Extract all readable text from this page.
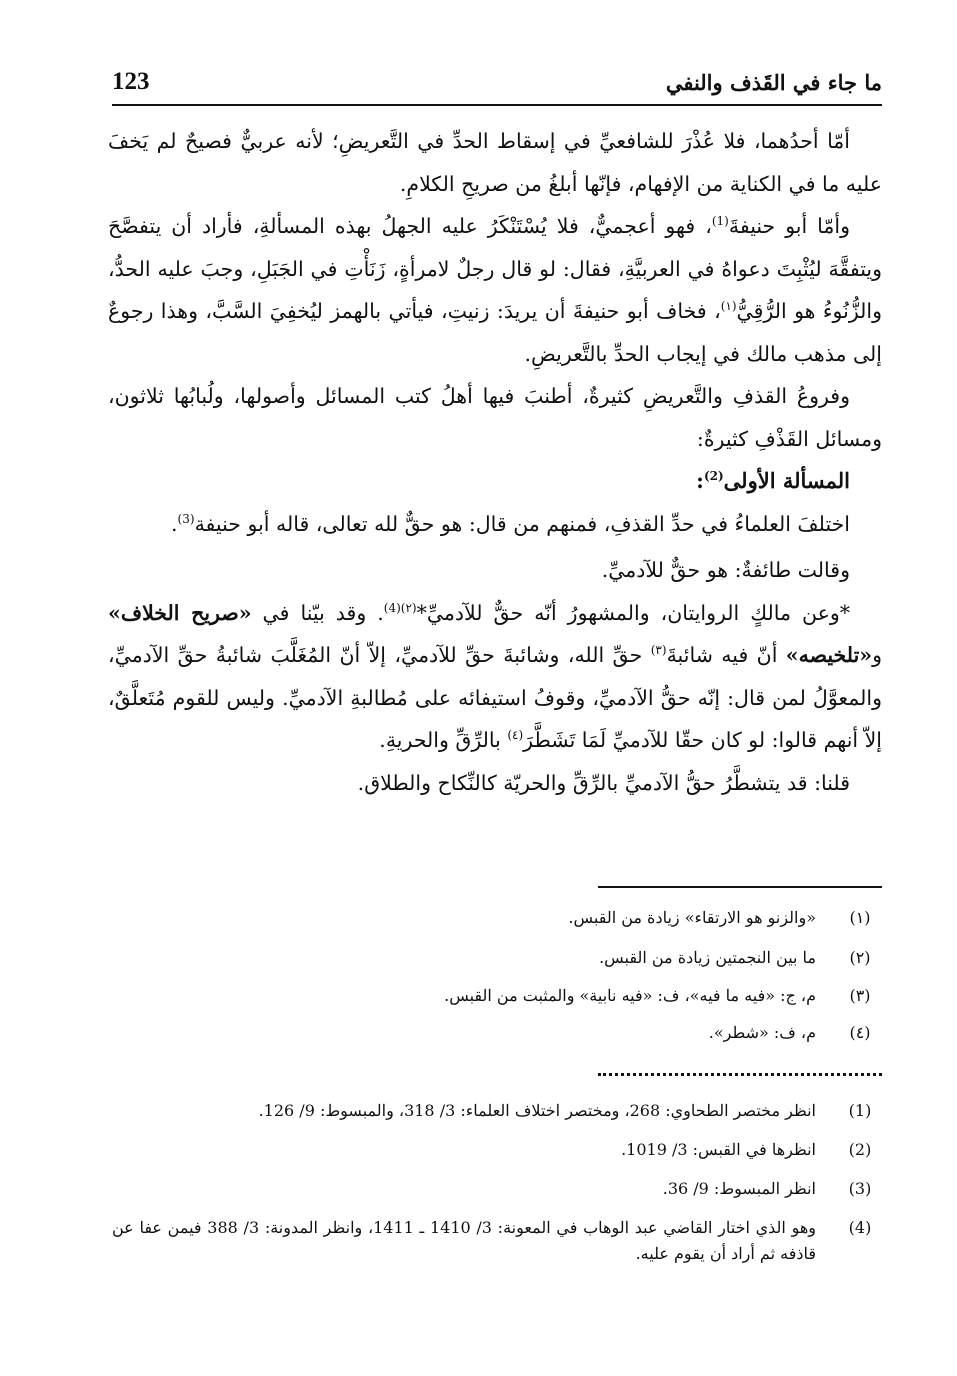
ما جاء في القَذف والنفي
123

أمّا أحدُهما، فلا عُذْرَ للشافعيِّ في إسقاط الحدِّ في التَّعريضِ؛ لأنه عربيٌّ فصيحٌ لم يَخفَ عليه ما في الكناية من الإفهام، فإنّها أبلغُ من صريحِ الكلامِ.

وأمّا أبو حنيفةَ$^{(1)}$، فهو أعجميٌّ، فلا يُسْتَنْكَرُ عليه الجهلُ بهذه المسألةِ، فأراد أن يتفصَّحَ ويتفقَّهَ ليُثْبِتَ دعواهُ في العربيَّةِ، فقال: لو قال رجلٌ لامرأةٍ، زَنَأْتِ في الجَبَلِ، وجبَ عليه الحدُّ، والزُّنُوءُ هو الرُّقِيُّ$^{(١)}$، فخاف أبو حنيفةَ أن يريدَ: زنيتِ، فيأتي بالهمز ليُخفِيَ السَّبَّ، وهذا رجوعٌ إلى مذهب مالك في إيجاب الحدِّ بالتَّعريضِ.

وفروعُ القذفِ والتَّعريضِ كثيرةٌ، أطنبَ فيها أهلُ كتب المسائل وأصولها، ولُبابُها ثلاثون، ومسائل القَذْفِ كثيرةٌ:

المسألة الأولى$^{(2)}$:

اختلفَ العلماءُ في حدِّ القذفِ، فمنهم من قال: هو حقٌّ لله تعالى، قاله أبو حنيفة$^{(3)}$.

وقالت طائفةٌ: هو حقٌّ للآدميِّ.

*وعن مالكٍ الروايتان، والمشهورُ أنّه حقٌّ للآدميِّ*$^{(٢)(4)}$. وقد بيّنا في «صريح الخلاف» و«تلخيصه» أنّ فيه شائبةَ$^{(٣)}$ حقِّ الله، وشائبةَ حقِّ للآدميِّ، إلاّ أنّ المُغَلَّبَ شائبةُ حقِّ الآدميِّ، والمعوَّلُ لمن قال: إنّه حقُّ الآدميِّ، وقوفُ استيفائه على مُطالبةِ الآدميِّ. وليس للقوم مُتَعلَّقٌ، إلاّ أنهم قالوا: لو كان حقّا للآدميِّ لَمَا تَشَطَّرَ$^{(٤)}$ بالرِّقِّ والحريةِ.

قلنا: قد يتشطَّرُ حقُّ الآدميِّ بالرِّقِّ والحريّة كالنِّكاح والطلاق.

(١)
«والزنو هو الارتقاء» زيادة من القبس.
(٢)
ما بين النجمتين زيادة من القبس.
(٣)
م، ج: «فيه ما فيه»، ف: «فيه نابية» والمثبت من القبس.
(٤)
م، ف: «شطر».
(1)
انظر مختصر الطحاوي: 268، ومختصر اختلاف العلماء: 3/ 318، والمبسوط: 9/ 126.
(2)
انظرها في القبس: 3/ 1019.
(3)
انظر المبسوط: 9/ 36.
(4)
وهو الذي اختار القاضي عبد الوهاب في المعونة: 3/ 1410 ـ 1411، وانظر المدونة: 3/ 388 فيمن عفا عن قاذفه ثم أراد أن يقوم عليه.
